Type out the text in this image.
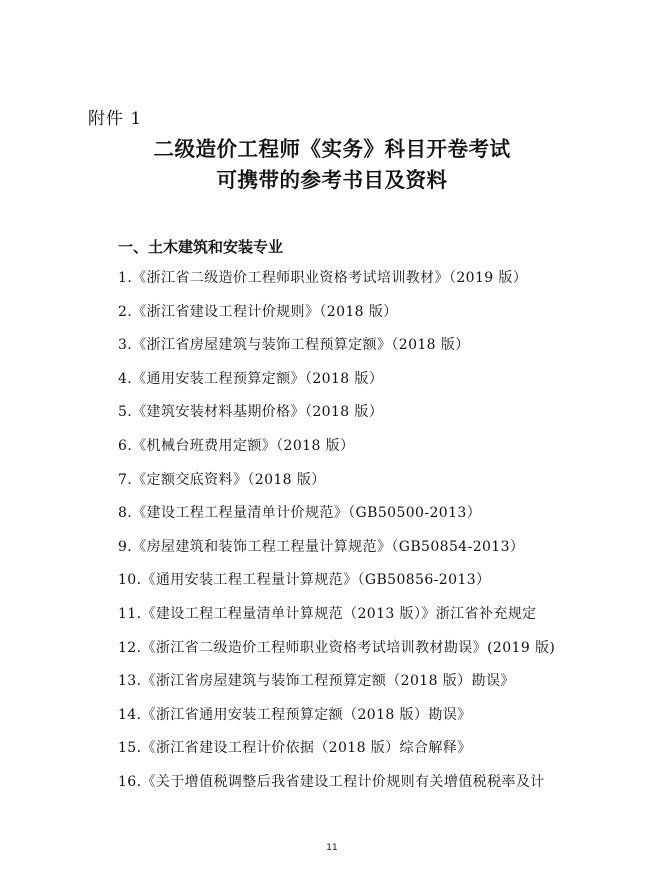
附件 1
二级造价工程师《实务》科目开卷考试
可携带的参考书目及资料
一、土木建筑和安装专业
1.《浙江省二级造价工程师职业资格考试培训教材》（2019 版）
2.《浙江省建设工程计价规则》（2018 版）
3.《浙江省房屋建筑与装饰工程预算定额》（2018 版）
4.《通用安装工程预算定额》（2018 版）
5.《建筑安装材料基期价格》（2018 版）
6.《机械台班费用定额》（2018 版）
7.《定额交底资料》（2018 版）
8.《建设工程工程量清单计价规范》（GB50500-2013）
9.《房屋建筑和装饰工程工程量计算规范》（GB50854-2013）
10.《通用安装工程工程量计算规范》（GB50856-2013）
11.《建设工程工程量清单计算规范（2013 版）》浙江省补充规定
12.《浙江省二级造价工程师职业资格考试培训教材勘误》(2019 版)
13.《浙江省房屋建筑与装饰工程预算定额（2018 版）勘误》
14.《浙江省通用安装工程预算定额（2018 版）勘误》
15.《浙江省建设工程计价依据（2018 版）综合解释》
16.《关于增值税调整后我省建设工程计价规则有关增值税税率及计
11
